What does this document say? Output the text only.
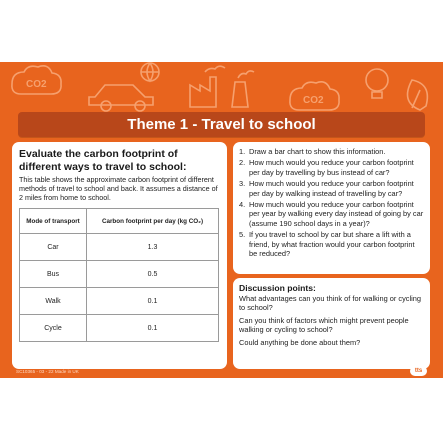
CO2
CO2
Theme 1 - Travel to school

Evaluate the carbon footprint of different ways to travel to school:

This table shows the approximate carbon footprint of different methods of travel to school and back. It assumes a distance of 2 miles from home to school.

Mode of transport	Carbon footprint per day (kg CO₂)
Car	1.3
Bus	0.5
Walk	0.1
Cycle	0.1
1. Draw a bar chart to show this information.
2. How much would you reduce your carbon footprint per day by travelling by bus instead of car?
3. How much would you reduce your carbon footprint per day by walking instead of travelling by car?
4. How much would you reduce your carbon footprint per year by walking every day instead of going by car (assume 190 school days in a year)?
5. If you travel to school by car but share a lift with a friend, by what fraction would your carbon footprint be reduced?

Discussion points:

What advantages can you think of for walking or cycling to school?

Can you think of factors which might prevent people walking or cycling to school?

Could anything be done about them?

SC10365 - 03 - 22 Made in UK	tts
